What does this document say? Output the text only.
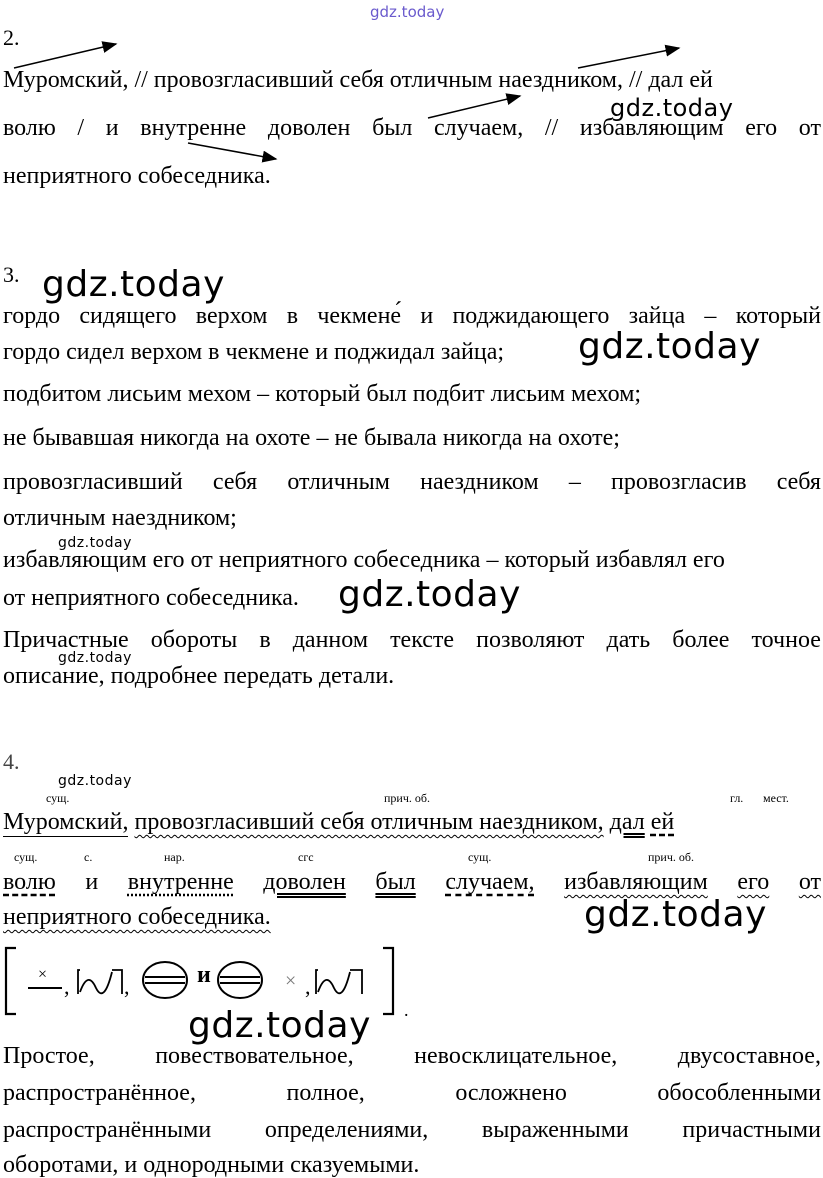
gdz.today
2.
Муромский, // провозгласивший себя отличным наездником, // дал ей
волю / и внутренне доволен был случаем, // избавляющим его от
неприятного собеседника.
gdz.today
3. gdz.today
гордо сидящего верхом в чекмене́ и поджидающего зайца – который
гордо сидел верхом в чекмене и поджидал зайца; gdz.today
подбитом лисьим мехом – который был подбит лисьим мехом;
не бывавшая никогда на охоте – не бывала никогда на охоте;
провозгласивший себя отличным наездником – провозгласив себя
отличным наездником;
gdz.today
избавляющим его от неприятного собеседника – который избавлял его
от неприятного собеседника. gdz.today
Причастные обороты в данном тексте позволяют дать более точное
gdz.today
описание, подробнее передать детали.
4.
gdz.today
сущ.	прич. об.	гл. мест.
Муромский, провозгласивший себя отличным наездником, дал ей
сущ.	с.	нар.	сгс	сущ.	прич. об.
волю и внутренне доволен был случаем, избавляющим его от
неприятного собеседника.	gdz.today
, ,	,
.
×	и	×
gdz.today
Простое,	повествовательное,	невосклицательное,	двусоставное,
распространённое,	полное,	осложнено	обособленными
распространёнными определениями, выраженными причастными
оборотами, и однородными сказуемыми.
